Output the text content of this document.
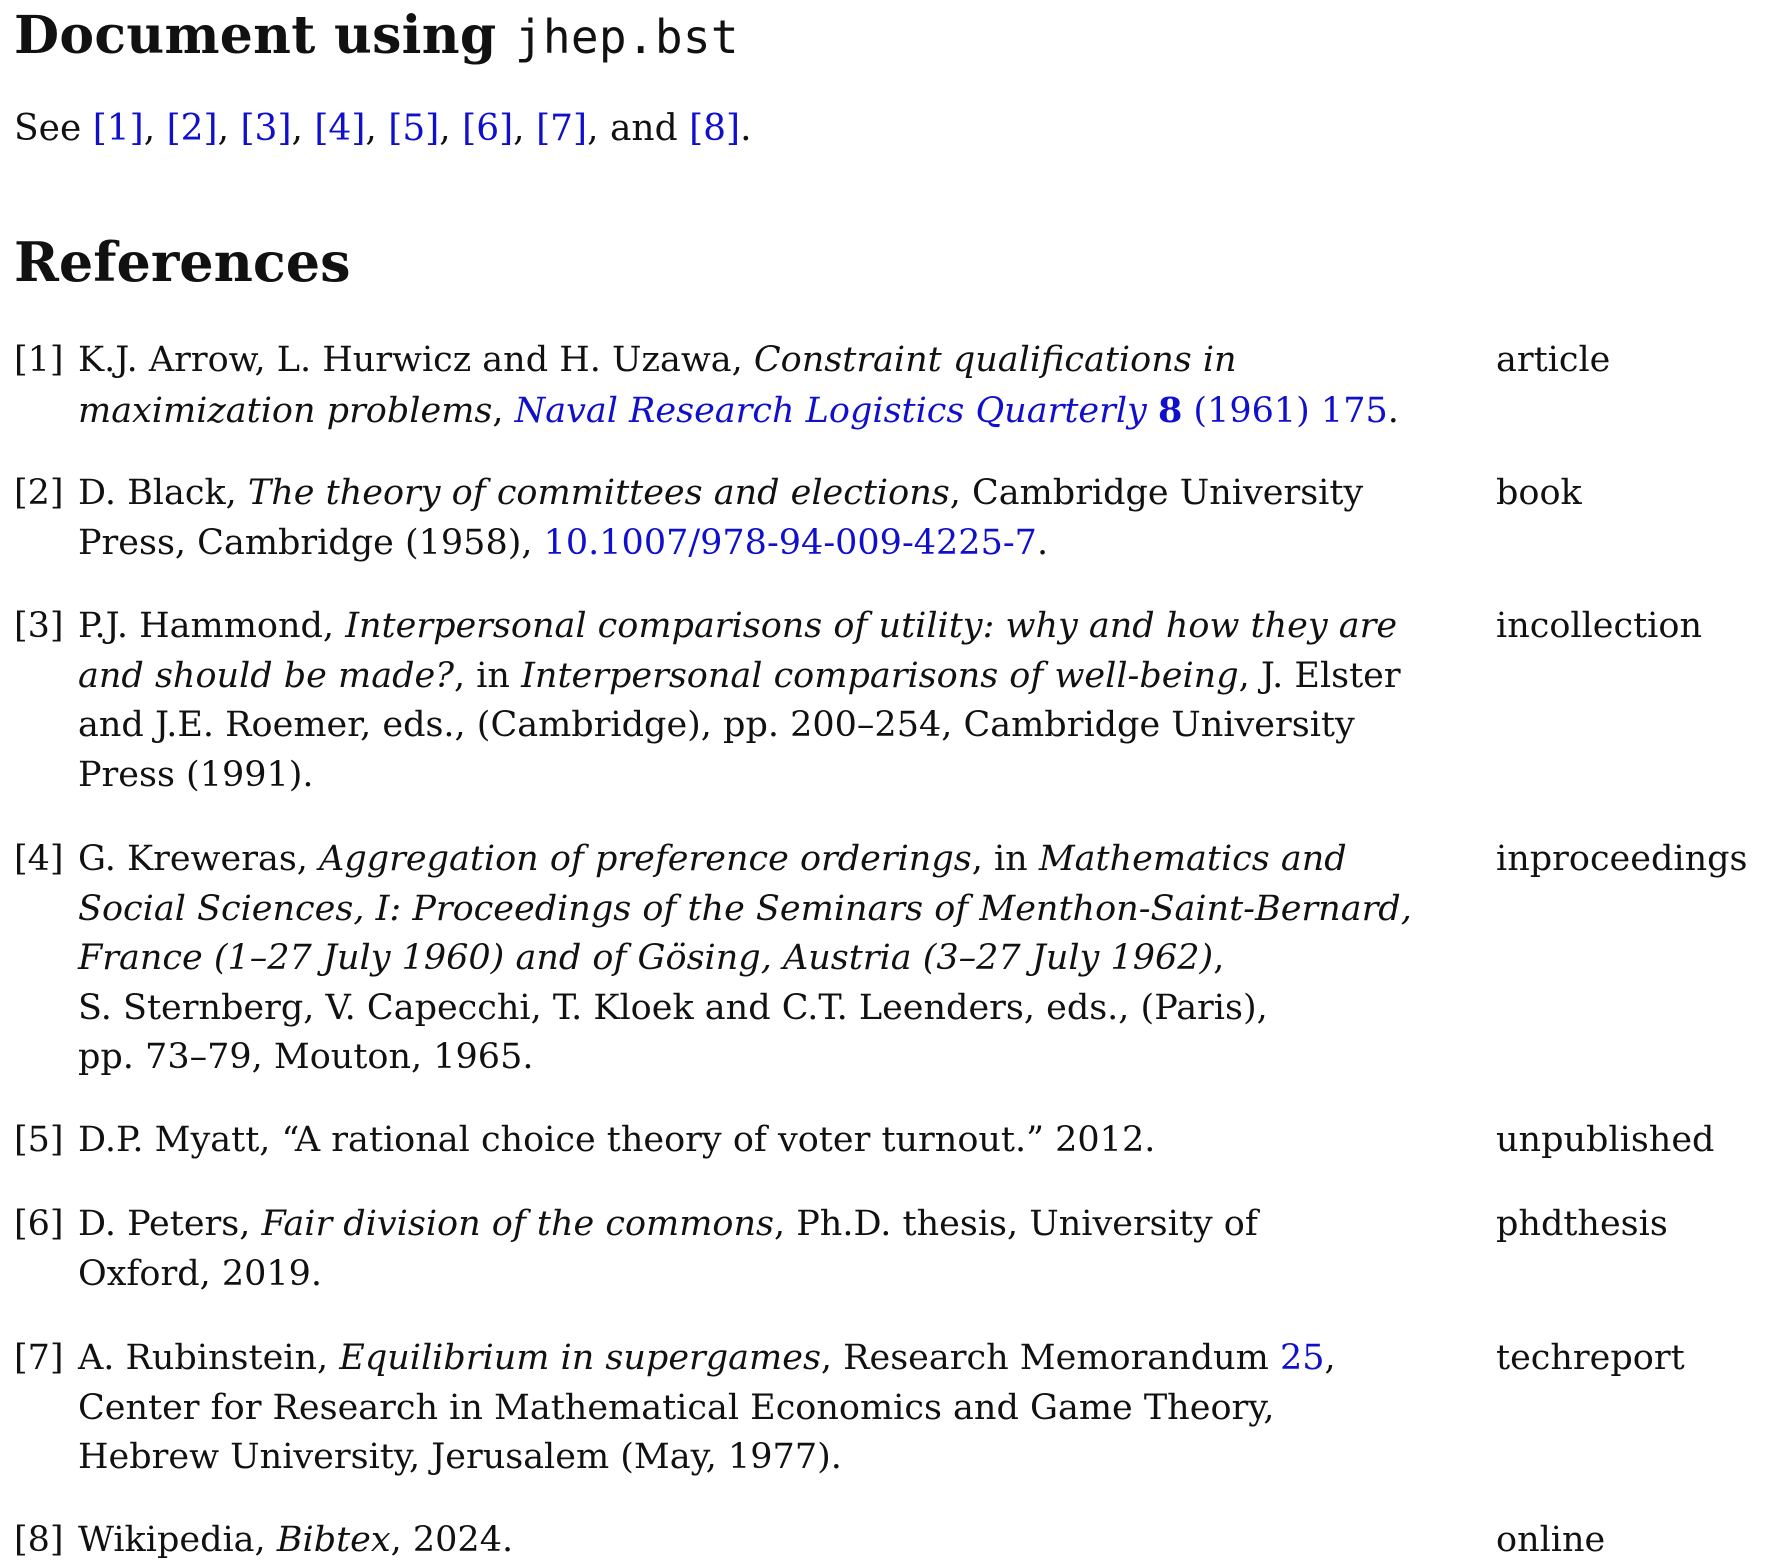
Document using jhep.bst

See [1], [2], [3], [4], [5], [6], [7], and [8].

References
[1] K.J. Arrow, L. Hurwicz and H. Uzawa, Constraint qualifications in
maximization problems, Naval Research Logistics Quarterly 8 (1961) 175.
article
[2] D. Black, The theory of committees and elections, Cambridge University
Press, Cambridge (1958), 10.1007/978-94-009-4225-7.
book
[3] P.J. Hammond, Interpersonal comparisons of utility: why and how they are
and should be made?, in Interpersonal comparisons of well-being, J. Elster
and J.E. Roemer, eds., (Cambridge), pp. 200–254, Cambridge University
Press (1991).
incollection
[4] G. Kreweras, Aggregation of preference orderings, in Mathematics and
Social Sciences, I: Proceedings of the Seminars of Menthon-Saint-Bernard,
France (1–27 July 1960) and of Gösing, Austria (3–27 July 1962),
S. Sternberg, V. Capecchi, T. Kloek and C.T. Leenders, eds., (Paris),
pp. 73–79, Mouton, 1965.
inproceedings
[5] D.P. Myatt, “A rational choice theory of voter turnout.” 2012.	unpublished
[6] D. Peters, Fair division of the commons, Ph.D. thesis, University of
Oxford, 2019.
phdthesis
[7] A. Rubinstein, Equilibrium in supergames, Research Memorandum 25,
Center for Research in Mathematical Economics and Game Theory,
Hebrew University, Jerusalem (May, 1977).
techreport
[8] Wikipedia, Bibtex, 2024.	online
